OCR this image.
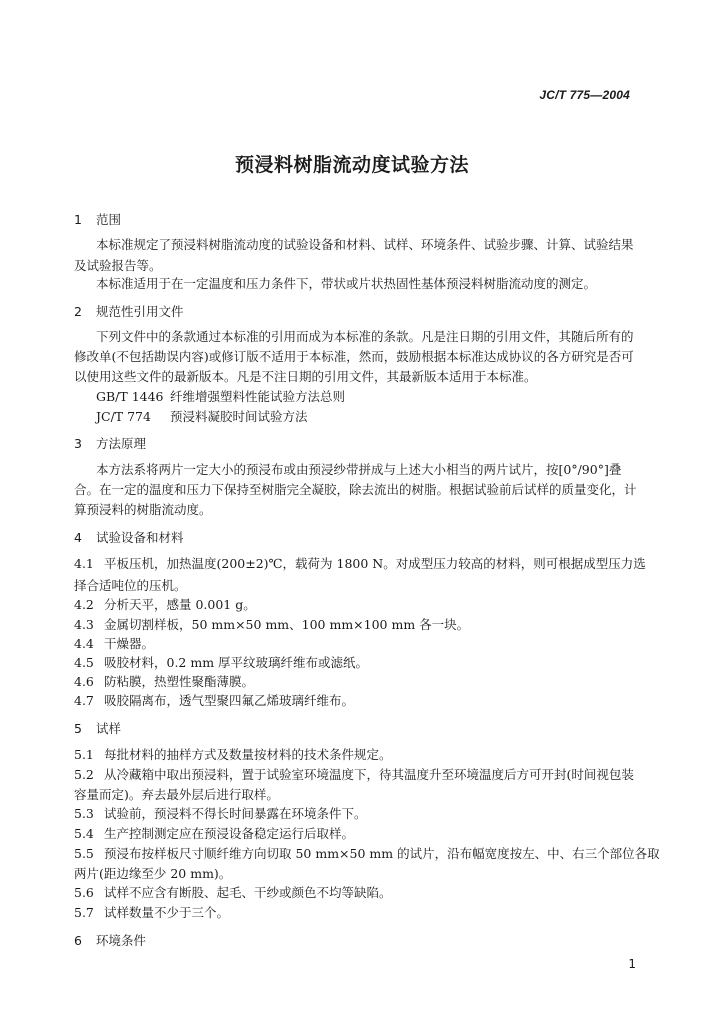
JC/T 775—2004
预浸料树脂流动度试验方法
1 范围
本标准规定了预浸料树脂流动度的试验设备和材料、试样、环境条件、试验步骤、计算、试验结果
及试验报告等。
本标准适用于在一定温度和压力条件下，带状或片状热固性基体预浸料树脂流动度的测定。
2 规范性引用文件
下列文件中的条款通过本标准的引用而成为本标准的条款。凡是注日期的引用文件，其随后所有的
修改单(不包括勘误内容)或修订版不适用于本标准，然而，鼓励根据本标准达成协议的各方研究是否可
以使用这些文件的最新版本。凡是不注日期的引用文件，其最新版本适用于本标准。
GB/T 1446 纤维增强塑料性能试验方法总则
JC/T 774 预浸料凝胶时间试验方法
3 方法原理
本方法系将两片一定大小的预浸布或由预浸纱带拼成与上述大小相当的两片试片，按[0°/90°]叠
合。在一定的温度和压力下保持至树脂完全凝胶，除去流出的树脂。根据试验前后试样的质量变化，计
算预浸料的树脂流动度。
4 试验设备和材料
4.1 平板压机，加热温度(200±2)℃，载荷为 1800 N。对成型压力较高的材料，则可根据成型压力选
择合适吨位的压机。
4.2 分析天平，感量 0.001 g。
4.3 金属切割样板，50 mm×50 mm、100 mm×100 mm 各一块。
4.4 干燥器。
4.5 吸胶材料，0.2 mm 厚平纹玻璃纤维布或滤纸。
4.6 防粘膜，热塑性聚酯薄膜。
4.7 吸胶隔离布，透气型聚四氟乙烯玻璃纤维布。
5 试样
5.1 每批材料的抽样方式及数量按材料的技术条件规定。
5.2 从冷藏箱中取出预浸料，置于试验室环境温度下，待其温度升至环境温度后方可开封(时间视包装
容量而定)。弃去最外层后进行取样。
5.3 试验前，预浸料不得长时间暴露在环境条件下。
5.4 生产控制测定应在预浸设备稳定运行后取样。
5.5 预浸布按样板尺寸顺纤维方向切取 50 mm×50 mm 的试片，沿布幅宽度按左、中、右三个部位各取
两片(距边缘至少 20 mm)。
5.6 试样不应含有断股、起毛、干纱或颜色不均等缺陷。
5.7 试样数量不少于三个。
6 环境条件
1
